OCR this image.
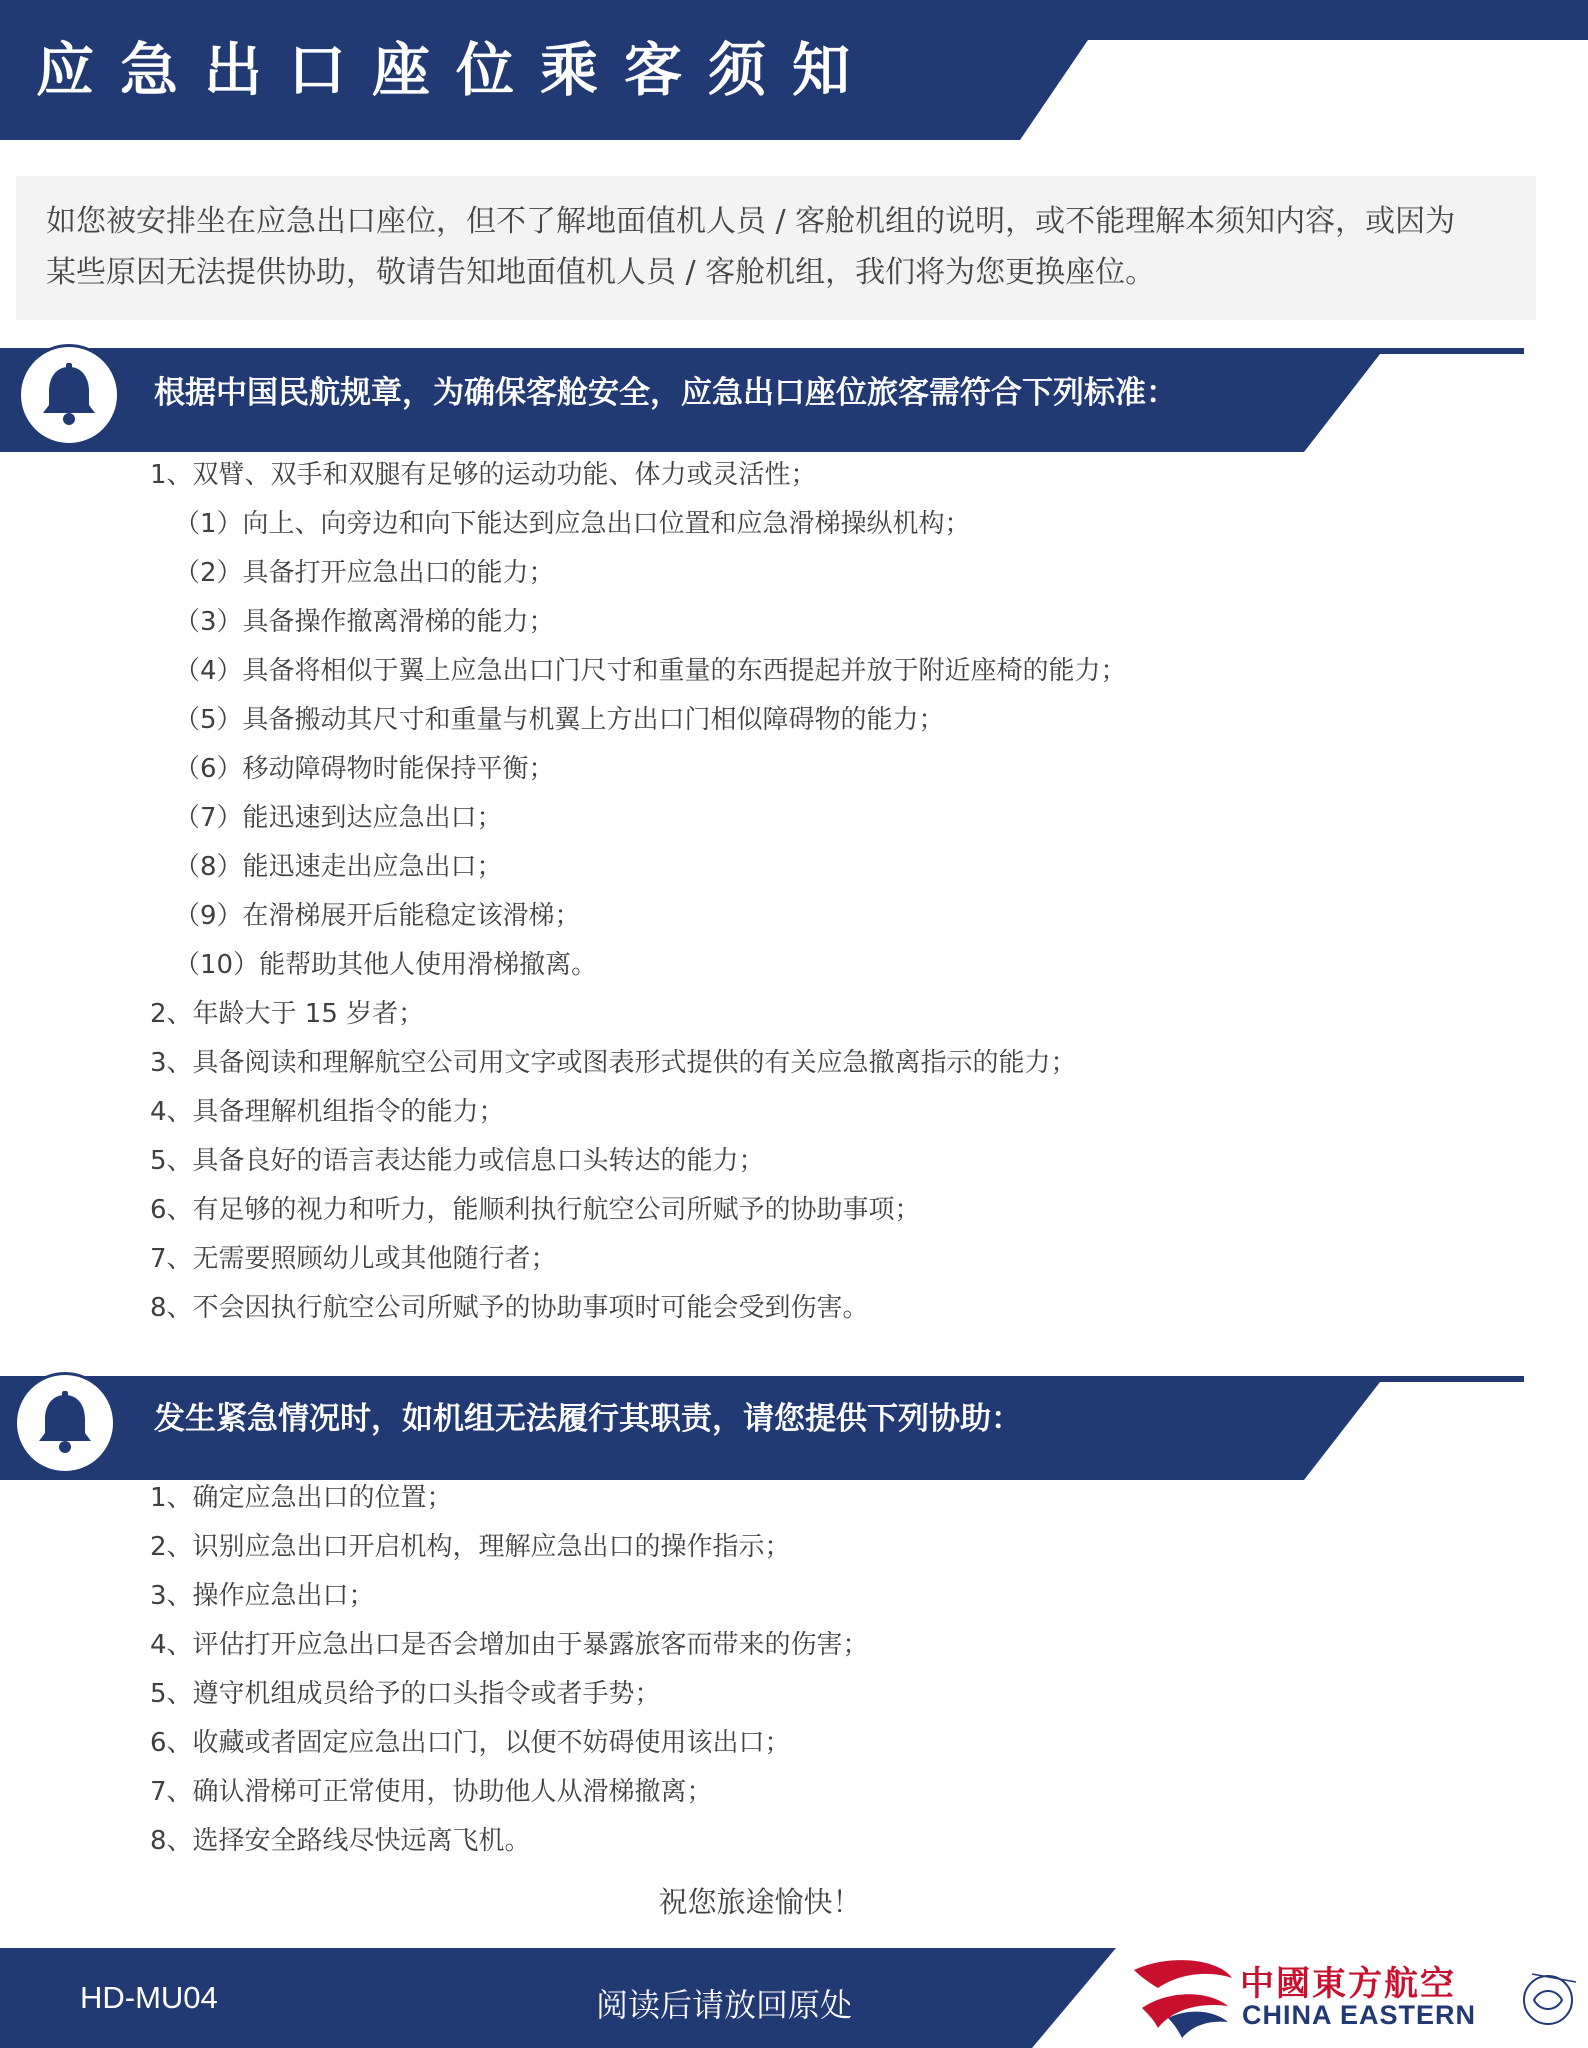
应急出口座位乘客须知

如您被安排坐在应急出口座位，但不了解地面值机人员 / 客舱机组的说明，或不能理解本须知内容，或因为
某些原因无法提供协助，敬请告知地面值机人员 / 客舱机组，我们将为您更换座位。

根据中国民航规章，为确保客舱安全，应急出口座位旅客需符合下列标准：
1、双臂、双手和双腿有足够的运动功能、体力或灵活性；
（1）向上、向旁边和向下能达到应急出口位置和应急滑梯操纵机构；
（2）具备打开应急出口的能力；
（3）具备操作撤离滑梯的能力；
（4）具备将相似于翼上应急出口门尺寸和重量的东西提起并放于附近座椅的能力；
（5）具备搬动其尺寸和重量与机翼上方出口门相似障碍物的能力；
（6）移动障碍物时能保持平衡；
（7）能迅速到达应急出口；
（8）能迅速走出应急出口；
（9）在滑梯展开后能稳定该滑梯；
（10）能帮助其他人使用滑梯撤离。
2、年龄大于 15 岁者；
3、具备阅读和理解航空公司用文字或图表形式提供的有关应急撤离指示的能力；
4、具备理解机组指令的能力；
5、具备良好的语言表达能力或信息口头转达的能力；
6、有足够的视力和听力，能顺利执行航空公司所赋予的协助事项；
7、无需要照顾幼儿或其他随行者；
8、不会因执行航空公司所赋予的协助事项时可能会受到伤害。
发生紧急情况时，如机组无法履行其职责，请您提供下列协助：
1、确定应急出口的位置；
2、识别应急出口开启机构，理解应急出口的操作指示；
3、操作应急出口；
4、评估打开应急出口是否会增加由于暴露旅客而带来的伤害；
5、遵守机组成员给予的口头指令或者手势；
6、收藏或者固定应急出口门，以便不妨碍使用该出口；
7、确认滑梯可正常使用，协助他人从滑梯撤离；
8、选择安全路线尽快远离飞机。

祝您旅途愉快！

HD-MU04	阅读后请放回原处

中國東方航空

CHINA EASTERN
